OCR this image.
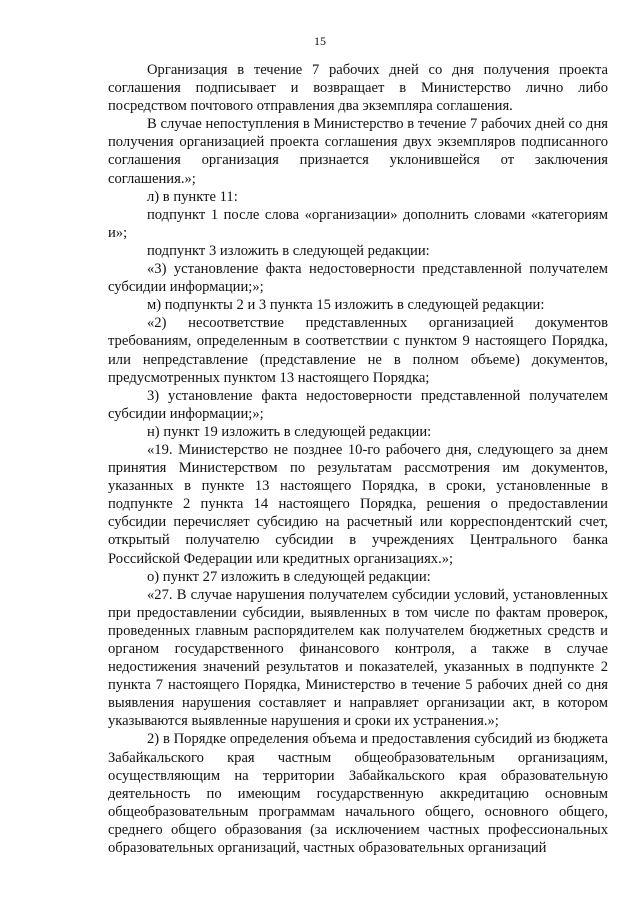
15

Организация в течение 7 рабочих дней со дня получения проекта соглашения подписывает и возвращает в Министерство лично либо посредством почтового отправления два экземпляра соглашения.

В случае непоступления в Министерство в течение 7 рабочих дней со дня получения организацией проекта соглашения двух экземпляров подписанного соглашения организация признается уклонившейся от заключения соглашения.»;

л) в пункте 11:

подпункт 1 после слова «организации» дополнить словами «категориям и»;

подпункт 3 изложить в следующей редакции:

«3) установление факта недостоверности представленной получателем субсидии информации;»;

м) подпункты 2 и 3 пункта 15 изложить в следующей редакции:

«2) несоответствие представленных организацией документов требованиям, определенным в соответствии с пунктом 9 настоящего Порядка, или непредставление (представление не в полном объеме) документов, предусмотренных пунктом 13 настоящего Порядка;

3) установление факта недостоверности представленной получателем субсидии информации;»;

н) пункт 19 изложить в следующей редакции:

«19. Министерство не позднее 10-го рабочего дня, следующего за днем принятия Министерством по результатам рассмотрения им документов, указанных в пункте 13 настоящего Порядка, в сроки, установленные в подпункте 2 пункта 14 настоящего Порядка, решения о предоставлении субсидии перечисляет субсидию на расчетный или корреспондентский счет, открытый получателю субсидии в учреждениях Центрального банка Российской Федерации или кредитных организациях.»;

о) пункт 27 изложить в следующей редакции:

«27. В случае нарушения получателем субсидии условий, установленных при предоставлении субсидии, выявленных в том числе по фактам проверок, проведенных главным распорядителем как получателем бюджетных средств и органом государственного финансового контроля, а также в случае недостижения значений результатов и показателей, указанных в подпункте 2 пункта 7 настоящего Порядка, Министерство в течение 5 рабочих дней со дня выявления нарушения составляет и направляет организации акт, в котором указываются выявленные нарушения и сроки их устранения.»;

2) в Порядке определения объема и предоставления субсидий из бюджета Забайкальского края частным общеобразовательным организациям, осуществляющим на территории Забайкальского края образовательную деятельность по имеющим государственную аккредитацию основным общеобразовательным программам начального общего, основного общего, среднего общего образования (за исключением частных профессиональных образовательных организаций, частных образовательных организаций
